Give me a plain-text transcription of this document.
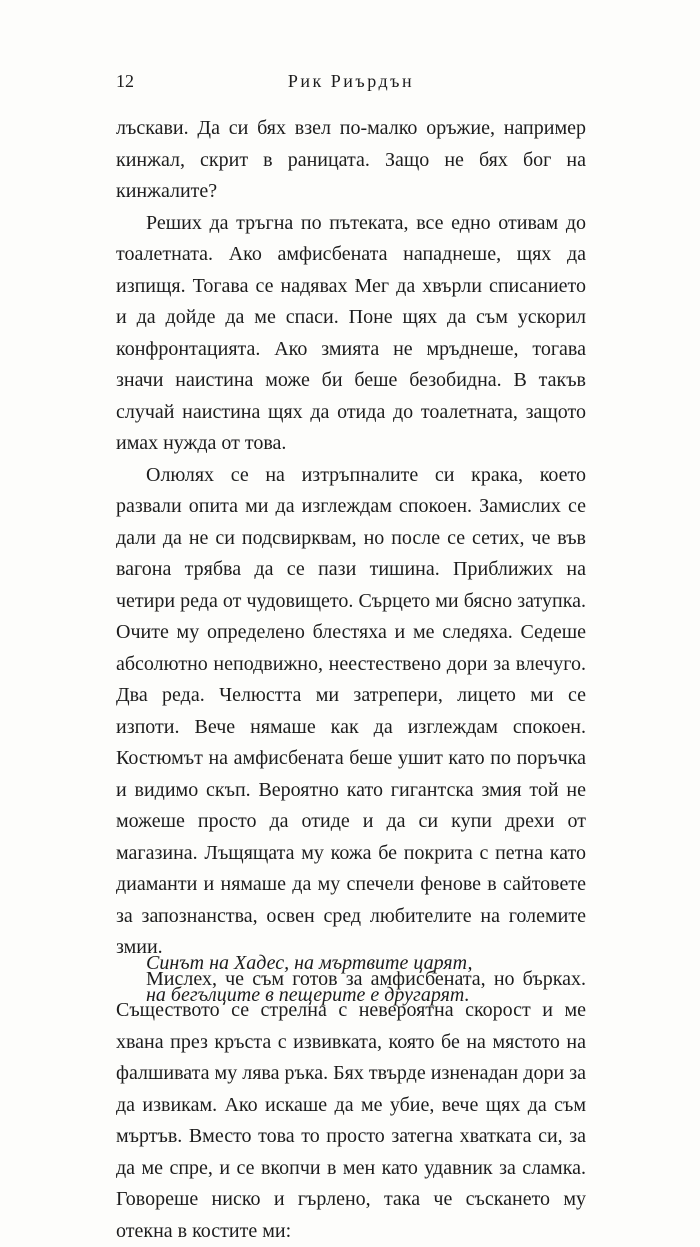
12	Рик Риърдън

лъскави. Да си бях взел по-малко оръжие, например кинжал, скрит в раницата. Защо не бях бог на кинжалите?

Реших да тръгна по пътеката, все едно отивам до тоалетната. Ако амфисбената нападнеше, щях да изпищя. Тогава се надявах Мег да хвърли списанието и да дойде да ме спаси. Поне щях да съм ускорил конфронтацията. Ако змията не мръднеше, тогава значи наистина може би беше безобидна. В такъв случай наистина щях да отида до тоалетната, защото имах нужда от това.

Олюлях се на изтръпналите си крака, което развали опита ми да изглеждам спокоен. Замислих се дали да не си подсвирквам, но после се сетих, че във вагона трябва да се пази тишина. Приближих на четири реда от чудовището. Сърцето ми бясно затупка. Очите му определено блестяха и ме следяха. Седеше абсолютно неподвижно, неестествено дори за влечуго. Два реда. Челюстта ми затрепери, лицето ми се изпоти. Вече нямаше как да изглеждам спокоен. Костюмът на амфисбената беше ушит като по поръчка и видимо скъп. Вероятно като гигантска змия той не можеше просто да отиде и да си купи дрехи от магазина. Лъщящата му кожа бе покрита с петна като диаманти и нямаше да му спечели фенове в сайтовете за запознанства, освен сред любителите на големите змии.

Мислех, че съм готов за амфисбената, но бърках. Съществото се стрелна с невероятна скорост и ме хвана през кръста с извивката, която бе на мястото на фалшивата му лява ръка. Бях твърде изненадан дори за да извикам. Ако искаше да ме убие, вече щях да съм мъртъв. Вместо това то просто затегна хватката си, за да ме спре, и се вкопчи в мен като удавник за сламка. Говореше ниско и гърлено, така че съскането му отекна в костите ми:

Синът на Хадес, на мъртвите царят,
на бегълците в пещерите е другарят.
